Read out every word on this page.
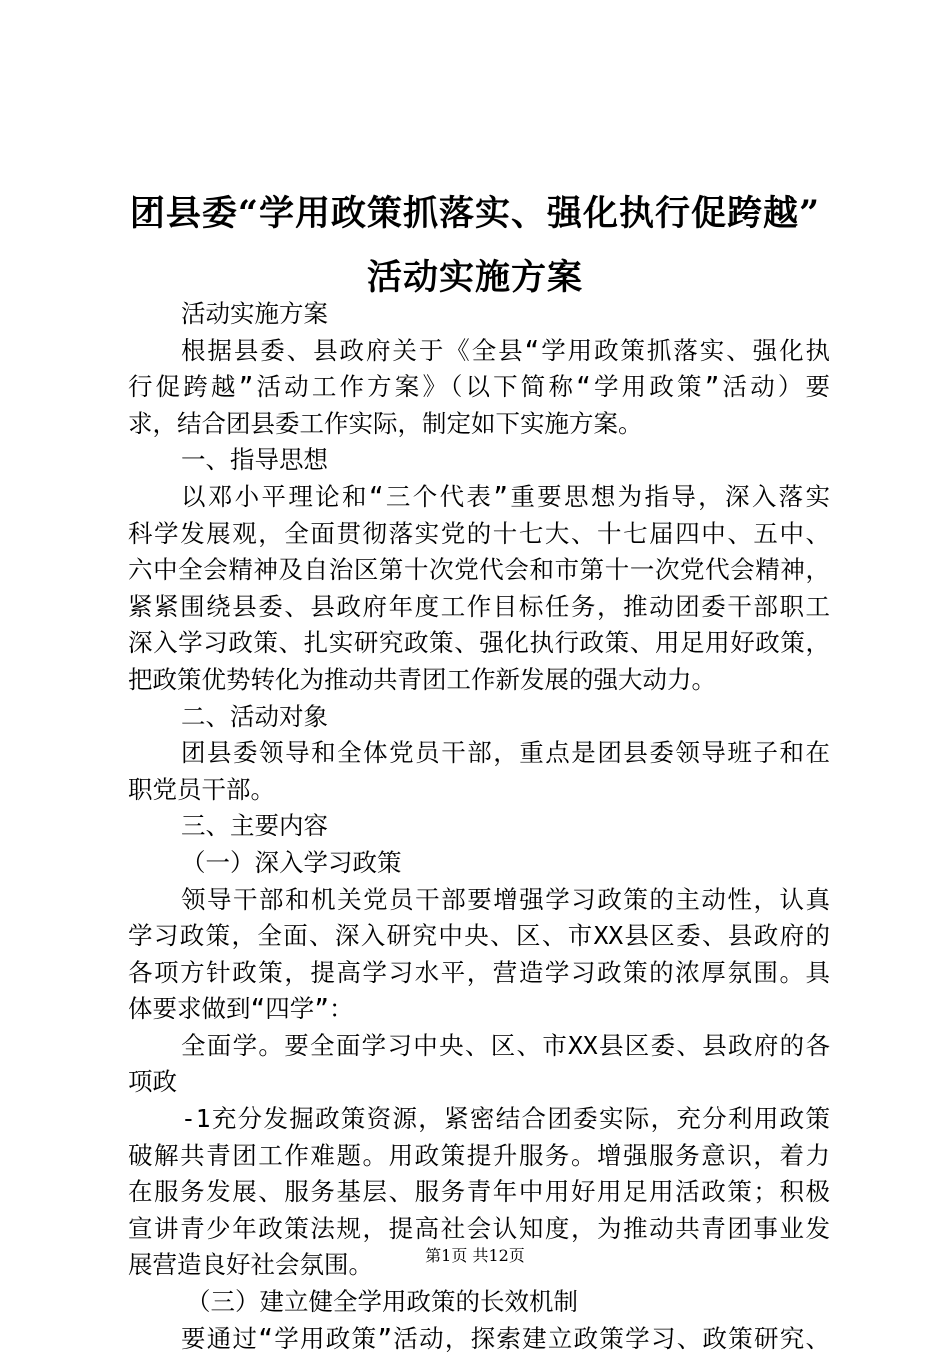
团县委“学用政策抓落实、强化执行促跨越”
活动实施方案
活动实施方案
根据县委、县政府关于《全县“学用政策抓落实、强化执
行促跨越”活动工作方案》（以下简称“学用政策”活动）要
求，结合团县委工作实际，制定如下实施方案。
一、指导思想
以邓小平理论和“三个代表”重要思想为指导，深入落实
科学发展观，全面贯彻落实党的十七大、十七届四中、五中、
六中全会精神及自治区第十次党代会和市第十一次党代会精神，
紧紧围绕县委、县政府年度工作目标任务，推动团委干部职工
深入学习政策、扎实研究政策、强化执行政策、用足用好政策，
把政策优势转化为推动共青团工作新发展的强大动力。
二、活动对象
团县委领导和全体党员干部，重点是团县委领导班子和在
职党员干部。
三、主要内容
（一）深入学习政策
领导干部和机关党员干部要增强学习政策的主动性，认真
学习政策，全面、深入研究中央、区、市XX县区委、县政府的
各项方针政策，提高学习水平，营造学习政策的浓厚氛围。具
体要求做到“四学”：
全面学。要全面学习中央、区、市XX县区委、县政府的各
项政
-1充分发掘政策资源，紧密结合团委实际，充分利用政策
破解共青团工作难题。用政策提升服务。增强服务意识，着力
在服务发展、服务基层、服务青年中用好用足用活政策；积极
宣讲青少年政策法规，提高社会认知度，为推动共青团事业发
展营造良好社会氛围。
（三）建立健全学用政策的长效机制
要通过“学用政策”活动，探索建立政策学习、政策研究、
第1页 共12页
